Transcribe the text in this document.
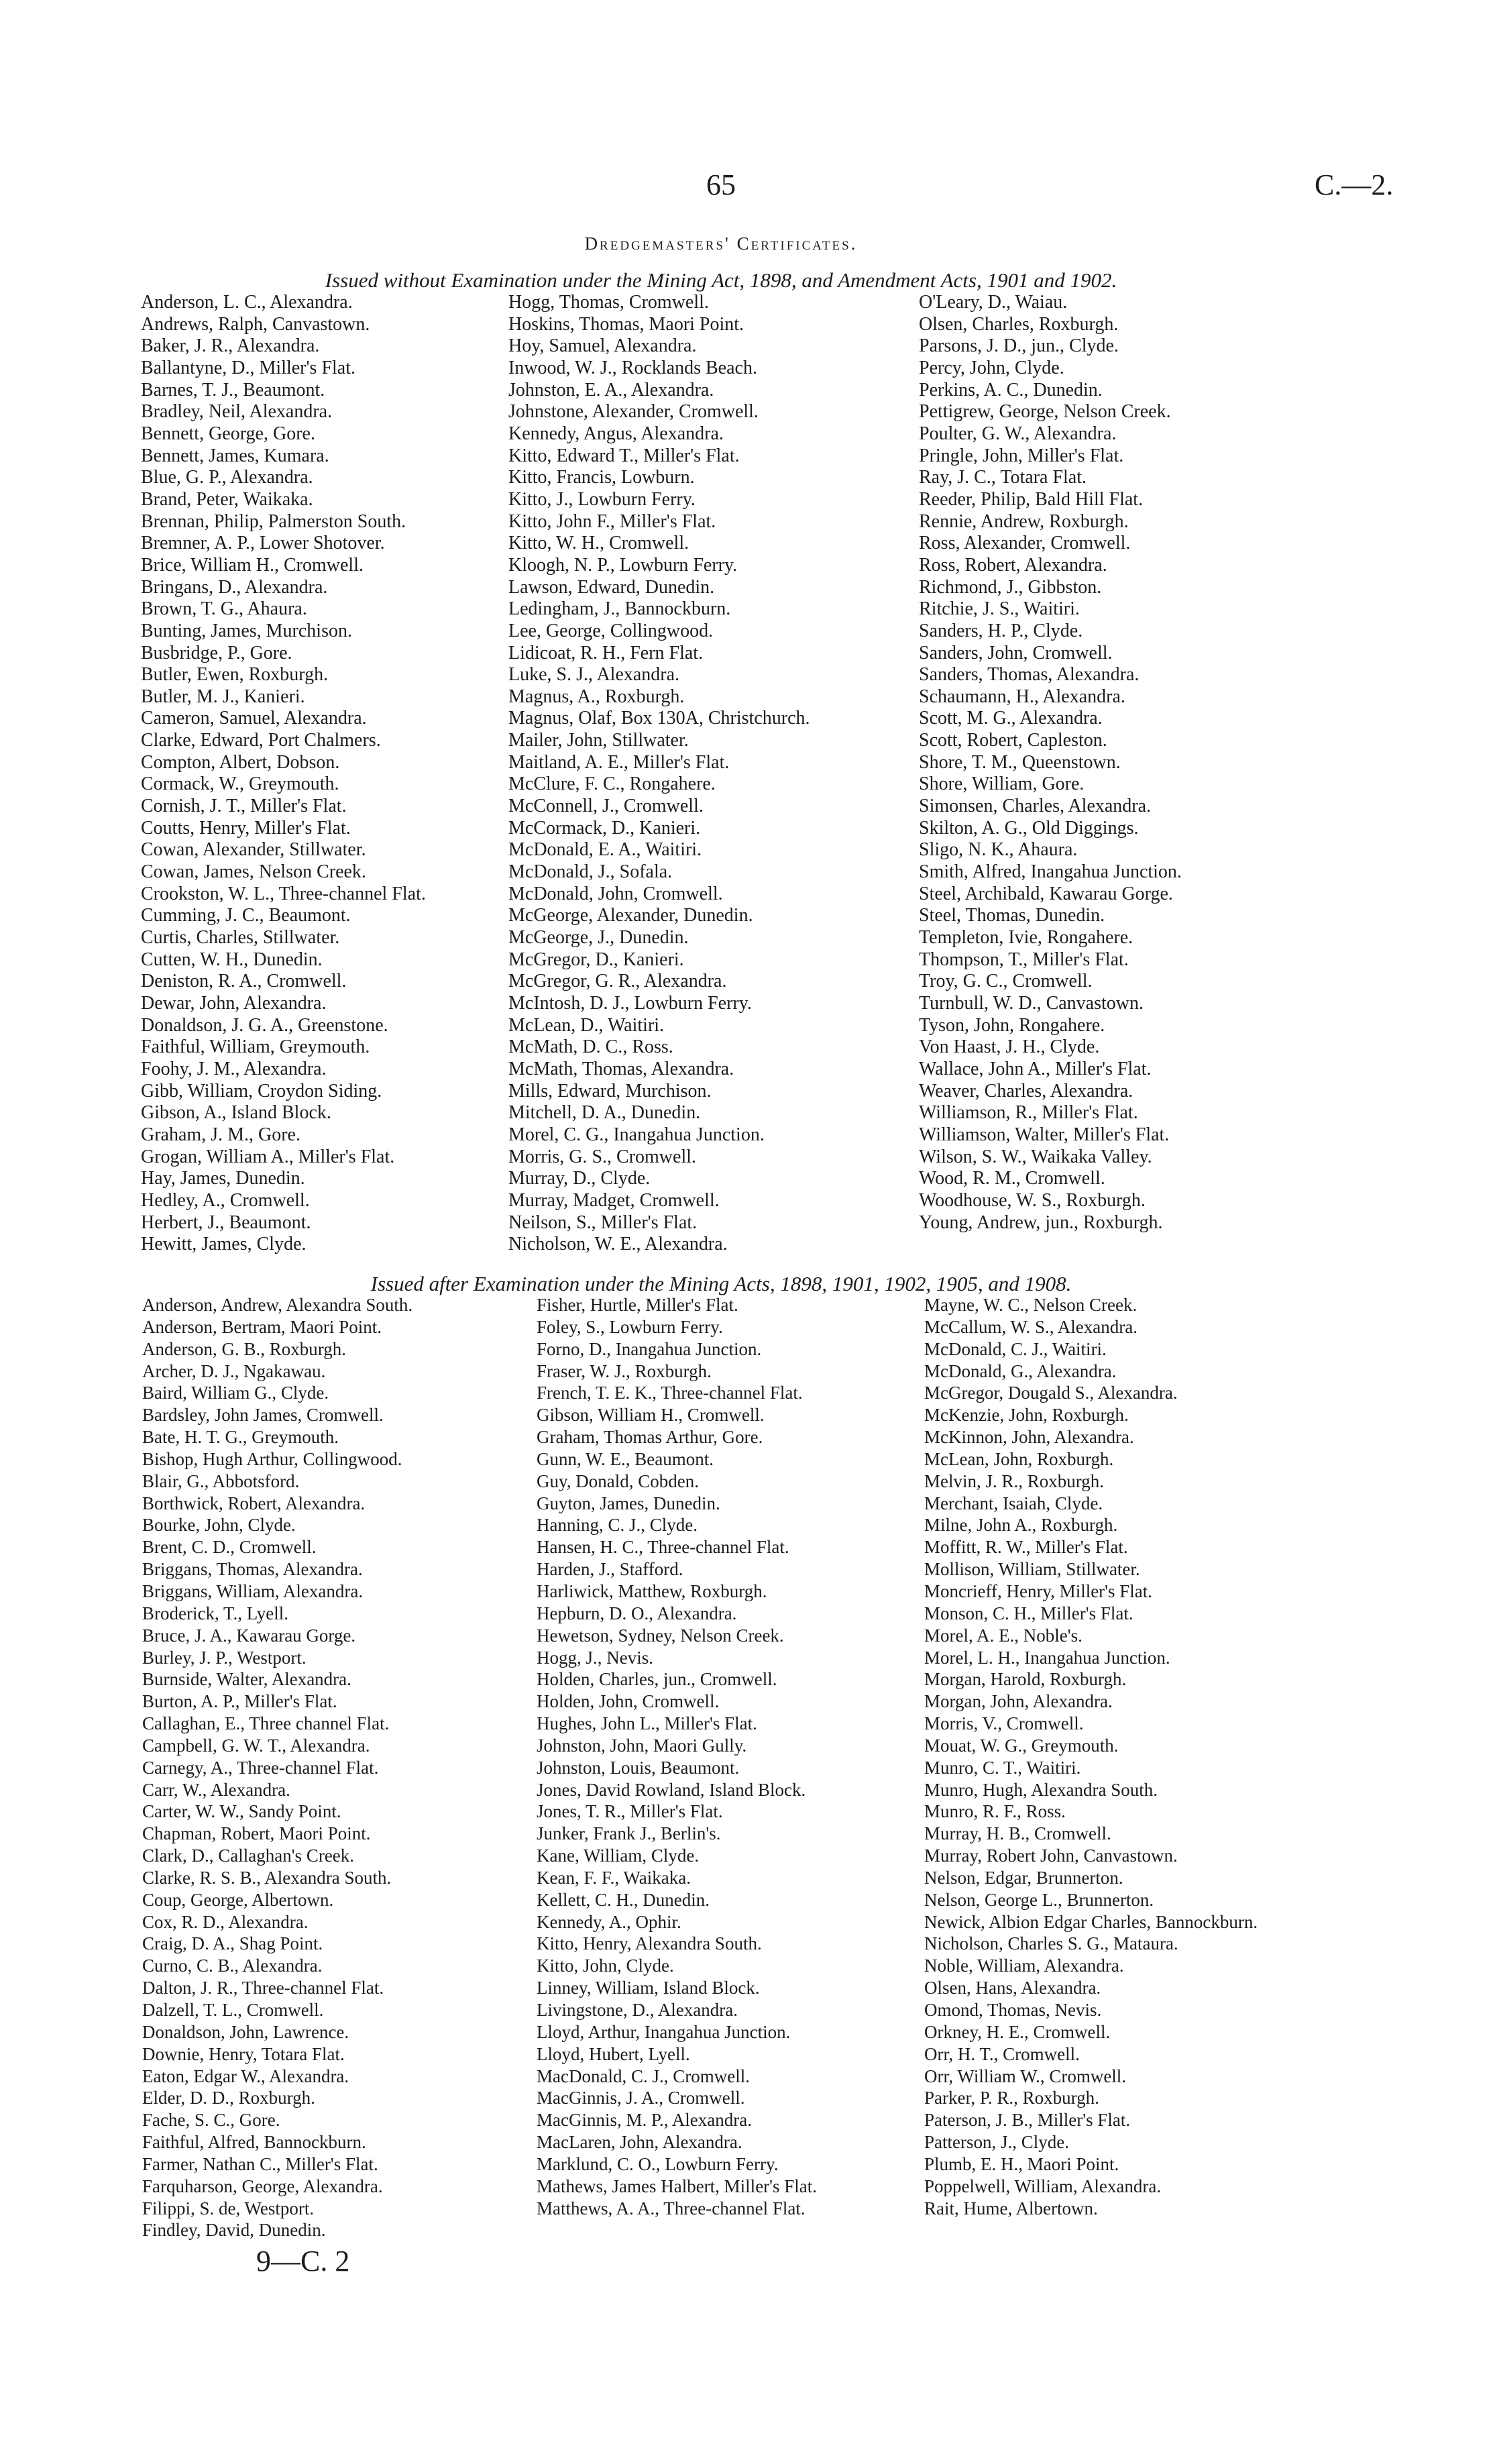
65	C.—2.
Dredgemasters' Certificates.
Issued without Examination under the Mining Act, 1898, and Amendment Acts, 1901 and 1902.
Anderson, L. C., Alexandra.
Andrews, Ralph, Canvastown.
Baker, J. R., Alexandra.
Ballantyne, D., Miller's Flat.
Barnes, T. J., Beaumont.
Bradley, Neil, Alexandra.
Bennett, George, Gore.
Bennett, James, Kumara.
Blue, G. P., Alexandra.
Brand, Peter, Waikaka.
Brennan, Philip, Palmerston South.
Bremner, A. P., Lower Shotover.
Brice, William H., Cromwell.
Bringans, D., Alexandra.
Brown, T. G., Ahaura.
Bunting, James, Murchison.
Busbridge, P., Gore.
Butler, Ewen, Roxburgh.
Butler, M. J., Kanieri.
Cameron, Samuel, Alexandra.
Clarke, Edward, Port Chalmers.
Compton, Albert, Dobson.
Cormack, W., Greymouth.
Cornish, J. T., Miller's Flat.
Coutts, Henry, Miller's Flat.
Cowan, Alexander, Stillwater.
Cowan, James, Nelson Creek.
Crookston, W. L., Three-channel Flat.
Cumming, J. C., Beaumont.
Curtis, Charles, Stillwater.
Cutten, W. H., Dunedin.
Deniston, R. A., Cromwell.
Dewar, John, Alexandra.
Donaldson, J. G. A., Greenstone.
Faithful, William, Greymouth.
Foohy, J. M., Alexandra.
Gibb, William, Croydon Siding.
Gibson, A., Island Block.
Graham, J. M., Gore.
Grogan, William A., Miller's Flat.
Hay, James, Dunedin.
Hedley, A., Cromwell.
Herbert, J., Beaumont.
Hewitt, James, Clyde.
Hogg, Thomas, Cromwell.
Hoskins, Thomas, Maori Point.
Hoy, Samuel, Alexandra.
Inwood, W. J., Rocklands Beach.
Johnston, E. A., Alexandra.
Johnstone, Alexander, Cromwell.
Kennedy, Angus, Alexandra.
Kitto, Edward T., Miller's Flat.
Kitto, Francis, Lowburn.
Kitto, J., Lowburn Ferry.
Kitto, John F., Miller's Flat.
Kitto, W. H., Cromwell.
Kloogh, N. P., Lowburn Ferry.
Lawson, Edward, Dunedin.
Ledingham, J., Bannockburn.
Lee, George, Collingwood.
Lidicoat, R. H., Fern Flat.
Luke, S. J., Alexandra.
Magnus, A., Roxburgh.
Magnus, Olaf, Box 130A, Christchurch.
Mailer, John, Stillwater.
Maitland, A. E., Miller's Flat.
McClure, F. C., Rongahere.
McConnell, J., Cromwell.
McCormack, D., Kanieri.
McDonald, E. A., Waitiri.
McDonald, J., Sofala.
McDonald, John, Cromwell.
McGeorge, Alexander, Dunedin.
McGeorge, J., Dunedin.
McGregor, D., Kanieri.
McGregor, G. R., Alexandra.
McIntosh, D. J., Lowburn Ferry.
McLean, D., Waitiri.
McMath, D. C., Ross.
McMath, Thomas, Alexandra.
Mills, Edward, Murchison.
Mitchell, D. A., Dunedin.
Morel, C. G., Inangahua Junction.
Morris, G. S., Cromwell.
Murray, D., Clyde.
Murray, Madget, Cromwell.
Neilson, S., Miller's Flat.
Nicholson, W. E., Alexandra.
O'Leary, D., Waiau.
Olsen, Charles, Roxburgh.
Parsons, J. D., jun., Clyde.
Percy, John, Clyde.
Perkins, A. C., Dunedin.
Pettigrew, George, Nelson Creek.
Poulter, G. W., Alexandra.
Pringle, John, Miller's Flat.
Ray, J. C., Totara Flat.
Reeder, Philip, Bald Hill Flat.
Rennie, Andrew, Roxburgh.
Ross, Alexander, Cromwell.
Ross, Robert, Alexandra.
Richmond, J., Gibbston.
Ritchie, J. S., Waitiri.
Sanders, H. P., Clyde.
Sanders, John, Cromwell.
Sanders, Thomas, Alexandra.
Schaumann, H., Alexandra.
Scott, M. G., Alexandra.
Scott, Robert, Capleston.
Shore, T. M., Queenstown.
Shore, William, Gore.
Simonsen, Charles, Alexandra.
Skilton, A. G., Old Diggings.
Sligo, N. K., Ahaura.
Smith, Alfred, Inangahua Junction.
Steel, Archibald, Kawarau Gorge.
Steel, Thomas, Dunedin.
Templeton, Ivie, Rongahere.
Thompson, T., Miller's Flat.
Troy, G. C., Cromwell.
Turnbull, W. D., Canvastown.
Tyson, John, Rongahere.
Von Haast, J. H., Clyde.
Wallace, John A., Miller's Flat.
Weaver, Charles, Alexandra.
Williamson, R., Miller's Flat.
Williamson, Walter, Miller's Flat.
Wilson, S. W., Waikaka Valley.
Wood, R. M., Cromwell.
Woodhouse, W. S., Roxburgh.
Young, Andrew, jun., Roxburgh.
Issued after Examination under the Mining Acts, 1898, 1901, 1902, 1905, and 1908.
Anderson, Andrew, Alexandra South.
Anderson, Bertram, Maori Point.
Anderson, G. B., Roxburgh.
Archer, D. J., Ngakawau.
Baird, William G., Clyde.
Bardsley, John James, Cromwell.
Bate, H. T. G., Greymouth.
Bishop, Hugh Arthur, Collingwood.
Blair, G., Abbotsford.
Borthwick, Robert, Alexandra.
Bourke, John, Clyde.
Brent, C. D., Cromwell.
Briggans, Thomas, Alexandra.
Briggans, William, Alexandra.
Broderick, T., Lyell.
Bruce, J. A., Kawarau Gorge.
Burley, J. P., Westport.
Burnside, Walter, Alexandra.
Burton, A. P., Miller's Flat.
Callaghan, E., Three channel Flat.
Campbell, G. W. T., Alexandra.
Carnegy, A., Three-channel Flat.
Carr, W., Alexandra.
Carter, W. W., Sandy Point.
Chapman, Robert, Maori Point.
Clark, D., Callaghan's Creek.
Clarke, R. S. B., Alexandra South.
Coup, George, Albertown.
Cox, R. D., Alexandra.
Craig, D. A., Shag Point.
Curno, C. B., Alexandra.
Dalton, J. R., Three-channel Flat.
Dalzell, T. L., Cromwell.
Donaldson, John, Lawrence.
Downie, Henry, Totara Flat.
Eaton, Edgar W., Alexandra.
Elder, D. D., Roxburgh.
Fache, S. C., Gore.
Faithful, Alfred, Bannockburn.
Farmer, Nathan C., Miller's Flat.
Farquharson, George, Alexandra.
Filippi, S. de, Westport.
Findley, David, Dunedin.
Fisher, Hurtle, Miller's Flat.
Foley, S., Lowburn Ferry.
Forno, D., Inangahua Junction.
Fraser, W. J., Roxburgh.
French, T. E. K., Three-channel Flat.
Gibson, William H., Cromwell.
Graham, Thomas Arthur, Gore.
Gunn, W. E., Beaumont.
Guy, Donald, Cobden.
Guyton, James, Dunedin.
Hanning, C. J., Clyde.
Hansen, H. C., Three-channel Flat.
Harden, J., Stafford.
Harliwick, Matthew, Roxburgh.
Hepburn, D. O., Alexandra.
Hewetson, Sydney, Nelson Creek.
Hogg, J., Nevis.
Holden, Charles, jun., Cromwell.
Holden, John, Cromwell.
Hughes, John L., Miller's Flat.
Johnston, John, Maori Gully.
Johnston, Louis, Beaumont.
Jones, David Rowland, Island Block.
Jones, T. R., Miller's Flat.
Junker, Frank J., Berlin's.
Kane, William, Clyde.
Kean, F. F., Waikaka.
Kellett, C. H., Dunedin.
Kennedy, A., Ophir.
Kitto, Henry, Alexandra South.
Kitto, John, Clyde.
Linney, William, Island Block.
Livingstone, D., Alexandra.
Lloyd, Arthur, Inangahua Junction.
Lloyd, Hubert, Lyell.
MacDonald, C. J., Cromwell.
MacGinnis, J. A., Cromwell.
MacGinnis, M. P., Alexandra.
MacLaren, John, Alexandra.
Marklund, C. O., Lowburn Ferry.
Mathews, James Halbert, Miller's Flat.
Matthews, A. A., Three-channel Flat.
Mayne, W. C., Nelson Creek.
McCallum, W. S., Alexandra.
McDonald, C. J., Waitiri.
McDonald, G., Alexandra.
McGregor, Dougald S., Alexandra.
McKenzie, John, Roxburgh.
McKinnon, John, Alexandra.
McLean, John, Roxburgh.
Melvin, J. R., Roxburgh.
Merchant, Isaiah, Clyde.
Milne, John A., Roxburgh.
Moffitt, R. W., Miller's Flat.
Mollison, William, Stillwater.
Moncrieff, Henry, Miller's Flat.
Monson, C. H., Miller's Flat.
Morel, A. E., Noble's.
Morel, L. H., Inangahua Junction.
Morgan, Harold, Roxburgh.
Morgan, John, Alexandra.
Morris, V., Cromwell.
Mouat, W. G., Greymouth.
Munro, C. T., Waitiri.
Munro, Hugh, Alexandra South.
Munro, R. F., Ross.
Murray, H. B., Cromwell.
Murray, Robert John, Canvastown.
Nelson, Edgar, Brunnerton.
Nelson, George L., Brunnerton.
Newick, Albion Edgar Charles, Bannockburn.
Nicholson, Charles S. G., Mataura.
Noble, William, Alexandra.
Olsen, Hans, Alexandra.
Omond, Thomas, Nevis.
Orkney, H. E., Cromwell.
Orr, H. T., Cromwell.
Orr, William W., Cromwell.
Parker, P. R., Roxburgh.
Paterson, J. B., Miller's Flat.
Patterson, J., Clyde.
Plumb, E. H., Maori Point.
Poppelwell, William, Alexandra.
Rait, Hume, Albertown.
9—C. 2
